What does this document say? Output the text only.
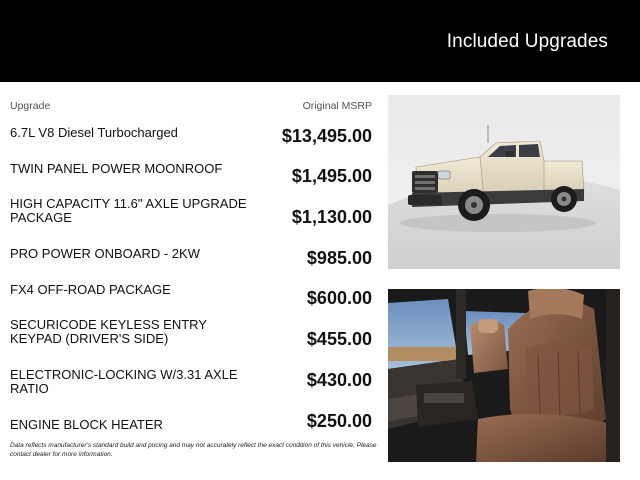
Included Upgrades
Upgrade	Original MSRP
6.7L V8 Diesel Turbocharged	$13,495.00
TWIN PANEL POWER MOONROOF	$1,495.00
HIGH CAPACITY 11.6" AXLE UPGRADE PACKAGE	$1,130.00
PRO POWER ONBOARD - 2KW	$985.00
FX4 OFF-ROAD PACKAGE	$600.00
SECURICODE KEYLESS ENTRY KEYPAD (DRIVER'S SIDE)	$455.00
ELECTRONIC-LOCKING W/3.31 AXLE RATIO	$430.00
ENGINE BLOCK HEATER	$250.00
Data reflects manufacturer's standard build and pricing and may not accurately reflect the exact condition of this vehicle. Please contact dealer for more information.
